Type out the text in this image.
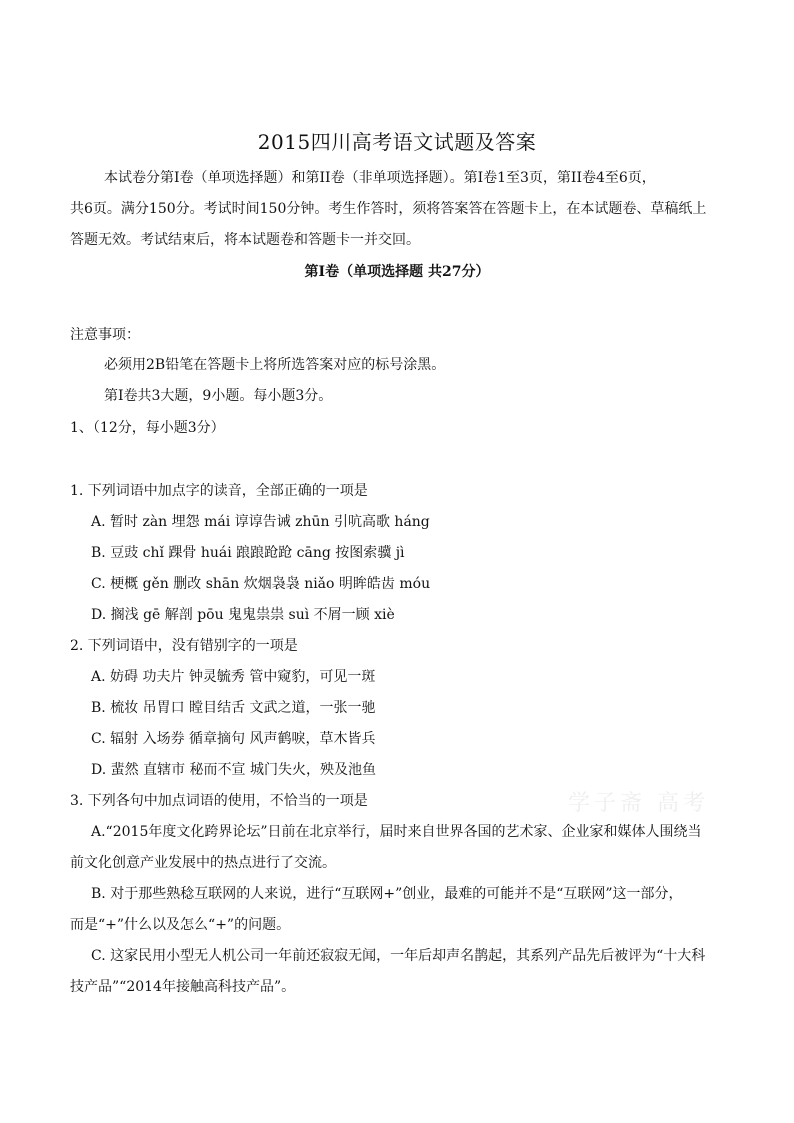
2015四川高考语文试题及答案
本试卷分第Ⅰ卷（单项选择题）和第II卷（非单项选择题）。第Ⅰ卷1至3页，第II卷4至6页，
共6页。满分150分。考试时间150分钟。考生作答时，须将答案答在答题卡上，在本试题卷、草稿纸上
答题无效。考试结束后，将本试题卷和答题卡一并交回。
第Ⅰ卷（单项选择题 共27分）
注意事项：
必须用2B铅笔在答题卡上将所选答案对应的标号涂黑。
第Ⅰ卷共3大题，9小题。每小题3分。
1、（12分，每小题3分）
1. 下列词语中加点字的读音，全部正确的一项是
A. 暂时 zàn 埋怨 mái 谆谆告诫 zhūn 引吭高歌 háng
B. 豆豉 chǐ 踝骨 huái 踉踉跄跄 cāng 按图索骥 jì
C. 梗概 gěn 删改 shān 炊烟袅袅 niǎo 明眸皓齿 móu
D. 搁浅 gē 解剖 pōu 鬼鬼祟祟 suì 不屑一顾 xiè
2. 下列词语中，没有错别字的一项是
A. 妨碍 功夫片 钟灵毓秀 管中窥豹，可见一斑
B. 梳妆 吊胃口 瞠目结舌 文武之道，一张一驰
C. 辐射 入场券 循章摘句 风声鹤唳，草木皆兵
D. 蜚然 直辖市 秘而不宣 城门失火，殃及池鱼
3. 下列各句中加点词语的使用，不恰当的一项是
A.“2015年度文化跨界论坛”日前在北京举行，届时来自世界各国的艺术家、企业家和媒体人围绕当
前文化创意产业发展中的热点进行了交流。
B. 对于那些熟稔互联网的人来说，进行“互联网+”创业，最难的可能并不是“互联网”这一部分，
而是“+”什么以及怎么“+”的问题。
C. 这家民用小型无人机公司一年前还寂寂无闻，一年后却声名鹊起，其系列产品先后被评为“十大科
技产品”“2014年接触高科技产品”。
学子斋 高考
